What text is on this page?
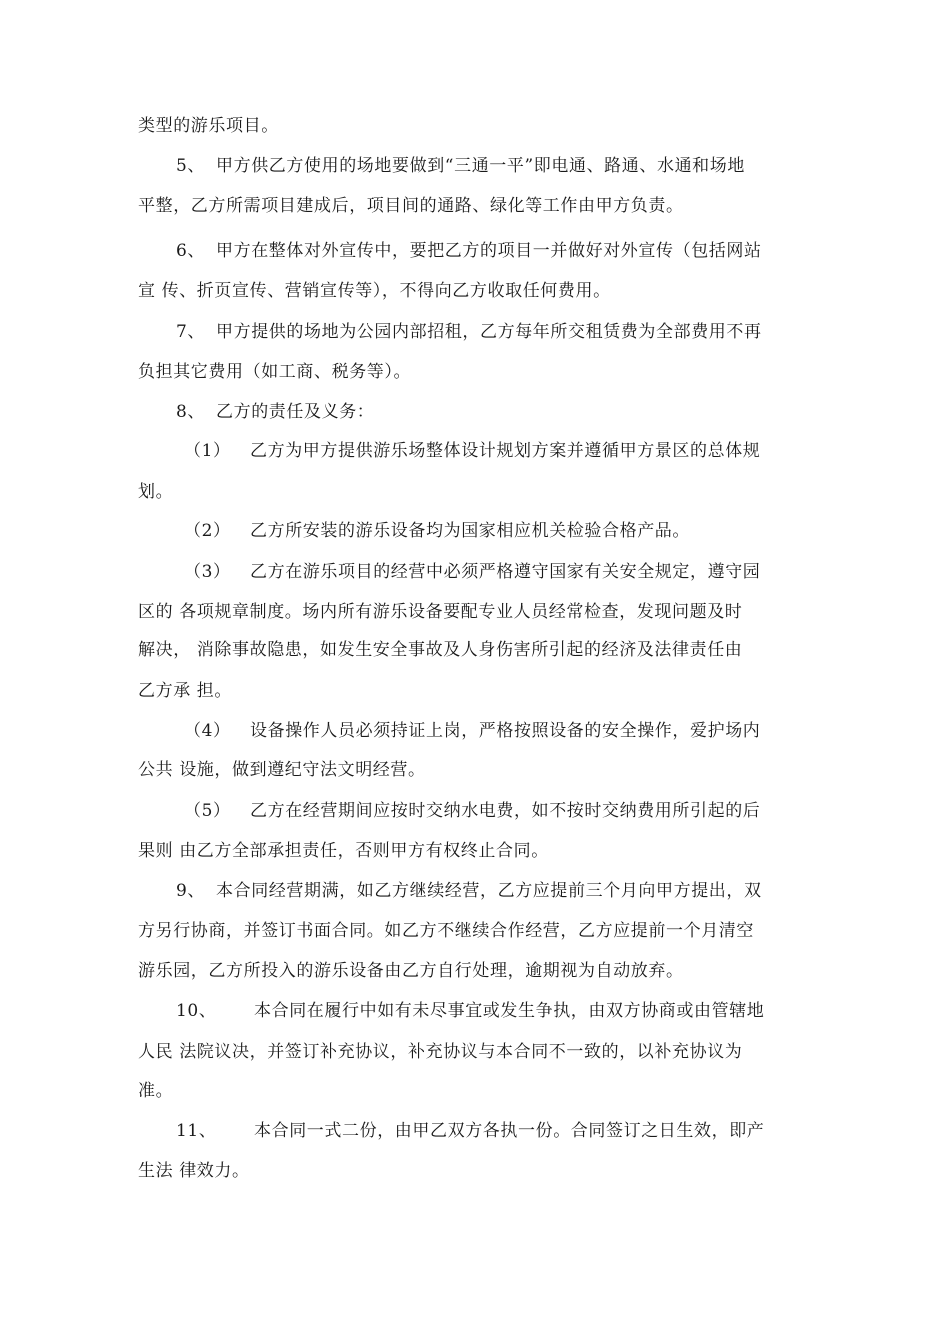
类型的游乐项目。
5、 甲方供乙方使用的场地要做到“三通一平”即电通、路通、水通和场地
平整，乙方所需项目建成后，项目间的通路、绿化等工作由甲方负责。
6、 甲方在整体对外宣传中，要把乙方的项目一并做好对外宣传（包括网站
宣 传、折页宣传、营销宣传等），不得向乙方收取任何费用。
7、 甲方提供的场地为公园内部招租，乙方每年所交租赁费为全部费用不再
负担其它费用（如工商、税务等）。
8、 乙方的责任及义务：
（1） 乙方为甲方提供游乐场整体设计规划方案并遵循甲方景区的总体规
划。
（2） 乙方所安装的游乐设备均为国家相应机关检验合格产品。
（3） 乙方在游乐项目的经营中必须严格遵守国家有关安全规定，遵守园
区的 各项规章制度。场内所有游乐设备要配专业人员经常检查，发现问题及时
解决， 消除事故隐患，如发生安全事故及人身伤害所引起的经济及法律责任由
乙方承 担。
（4） 设备操作人员必须持证上岗，严格按照设备的安全操作，爱护场内
公共 设施，做到遵纪守法文明经营。
（5） 乙方在经营期间应按时交纳水电费，如不按时交纳费用所引起的后
果则 由乙方全部承担责任，否则甲方有权终止合同。
9、 本合同经营期满，如乙方继续经营，乙方应提前三个月向甲方提出，双
方另行协商，并签订书面合同。如乙方不继续合作经营，乙方应提前一个月清空
游乐园，乙方所投入的游乐设备由乙方自行处理，逾期视为自动放弃。
10、 本合同在履行中如有未尽事宜或发生争执，由双方协商或由管辖地
人民 法院议决，并签订补充协议，补充协议与本合同不一致的，以补充协议为
准。
11、 本合同一式二份，由甲乙双方各执一份。合同签订之日生效，即产
生法 律效力。
